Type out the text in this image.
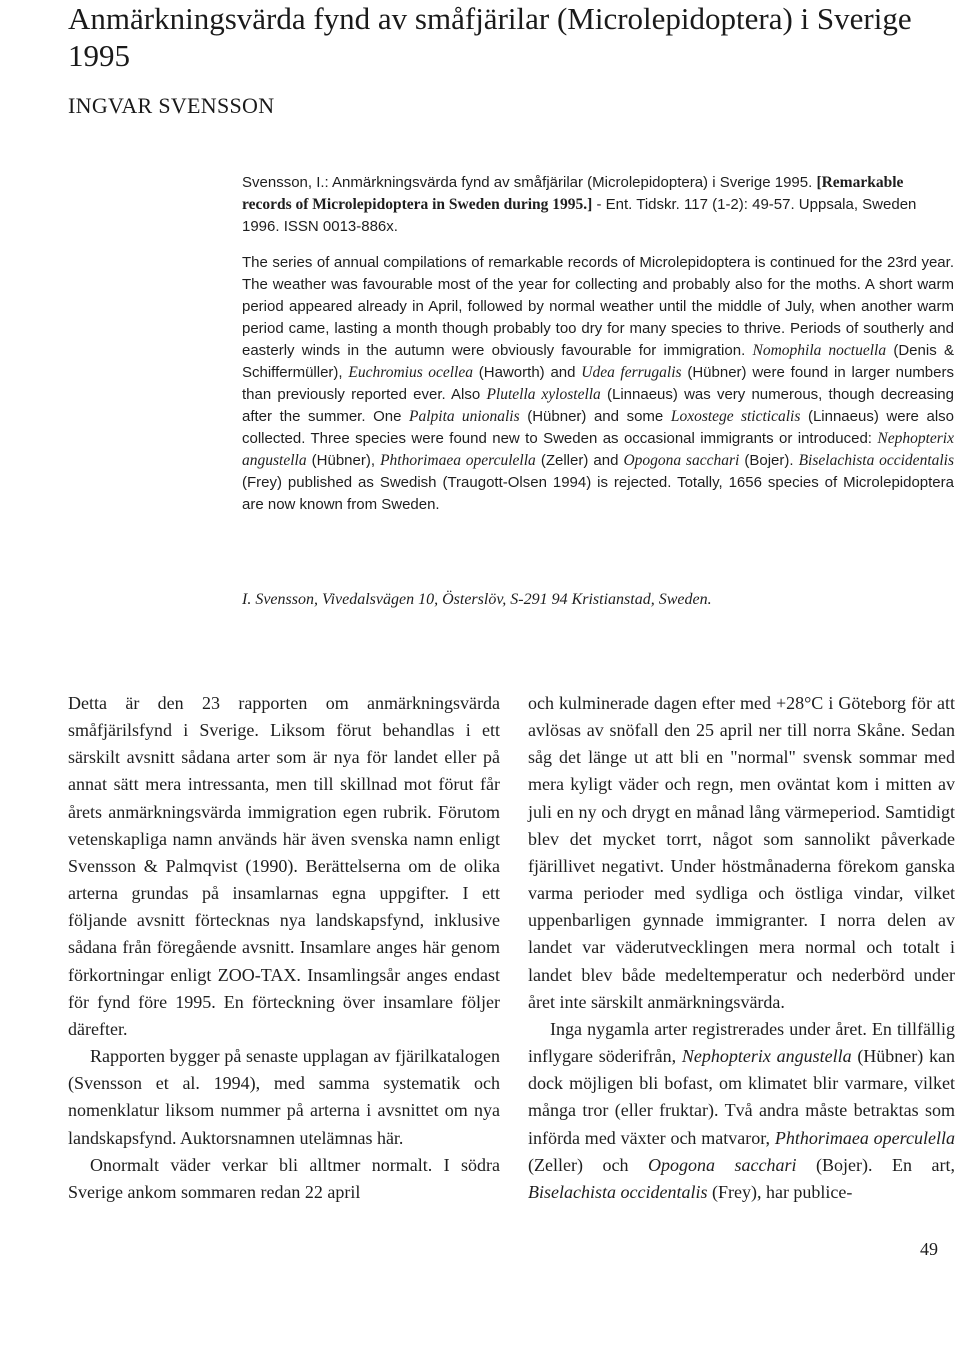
Anmärkningsvärda fynd av småfjärilar (Microlepidoptera) i Sverige 1995
INGVAR SVENSSON

Svensson, I.: Anmärkningsvärda fynd av småfjärilar (Microlepidoptera) i Sverige 1995. [Remarkable records of Microlepidoptera in Sweden during 1995.] - Ent. Tidskr. 117 (1-2): 49-57. Uppsala, Sweden 1996. ISSN 0013-886x.

The series of annual compilations of remarkable records of Microlepidoptera is continued for the 23rd year. The weather was favourable most of the year for collecting and probably also for the moths. A short warm period appeared already in April, followed by normal weather until the middle of July, when another warm period came, lasting a month though probably too dry for many species to thrive. Periods of southerly and easterly winds in the autumn were obviously favourable for immigration. Nomophila noctuella (Denis & Schiffermüller), Euchromius ocellea (Haworth) and Udea ferrugalis (Hübner) were found in larger numbers than previously reported ever. Also Plutella xylostella (Linnaeus) was very numerous, though decreasing after the summer. One Palpita unionalis (Hübner) and some Loxostege sticticalis (Linnaeus) were also collected. Three species were found new to Sweden as occasional immigrants or introduced: Nephopterix angustella (Hübner), Phthorimaea operculella (Zeller) and Opogona sacchari (Bojer). Biselachista occidentalis (Frey) published as Swedish (Traugott-Olsen 1994) is rejected. Totally, 1656 species of Microlepidoptera are now known from Sweden.

I. Svensson, Vivedalsvägen 10, Österslöv, S-291 94 Kristianstad, Sweden.

Detta är den 23 rapporten om anmärkningsvärda småfjärilsfynd i Sverige. Liksom förut behandlas i ett särskilt avsnitt sådana arter som är nya för landet eller på annat sätt mera intressanta, men till skillnad mot förut får årets anmärkningsvärda immigration egen rubrik. Förutom vetenskapliga namn används här även svenska namn enligt Svensson & Palmqvist (1990). Berättelserna om de olika arterna grundas på insamlarnas egna uppgifter. I ett följande avsnitt förtecknas nya landskapsfynd, inklusive sådana från föregående avsnitt. Insamlare anges här genom förkortningar enligt ZOO-TAX. Insamlingsår anges endast för fynd före 1995. En förteckning över insamlare följer därefter.

Rapporten bygger på senaste upplagan av fjärilkatalogen (Svensson et al. 1994), med samma systematik och nomenklatur liksom nummer på arterna i avsnittet om nya landskapsfynd. Auktorsnamnen utelämnas här.

Onormalt väder verkar bli alltmer normalt. I södra Sverige ankom sommaren redan 22 april

och kulminerade dagen efter med +28°C i Göteborg för att avlösas av snöfall den 25 april ner till norra Skåne. Sedan såg det länge ut att bli en "normal" svensk sommar med mera kyligt väder och regn, men oväntat kom i mitten av juli en ny och drygt en månad lång värmeperiod. Samtidigt blev det mycket torrt, något som sannolikt påverkade fjärillivet negativt. Under höstmånaderna förekom ganska varma perioder med sydliga och östliga vindar, vilket uppenbarligen gynnade immigranter. I norra delen av landet var väderutvecklingen mera normal och totalt i landet blev både medeltemperatur och nederbörd under året inte särskilt anmärkningsvärda.

Inga nygamla arter registrerades under året. En tillfällig inflygare söderifrån, Nephopterix angustella (Hübner) kan dock möjligen bli bofast, om klimatet blir varmare, vilket många tror (eller fruktar). Två andra måste betraktas som införda med växter och matvaror, Phthorimaea operculella (Zeller) och Opogona sacchari (Bojer). En art, Biselachista occidentalis (Frey), har publice-

49
